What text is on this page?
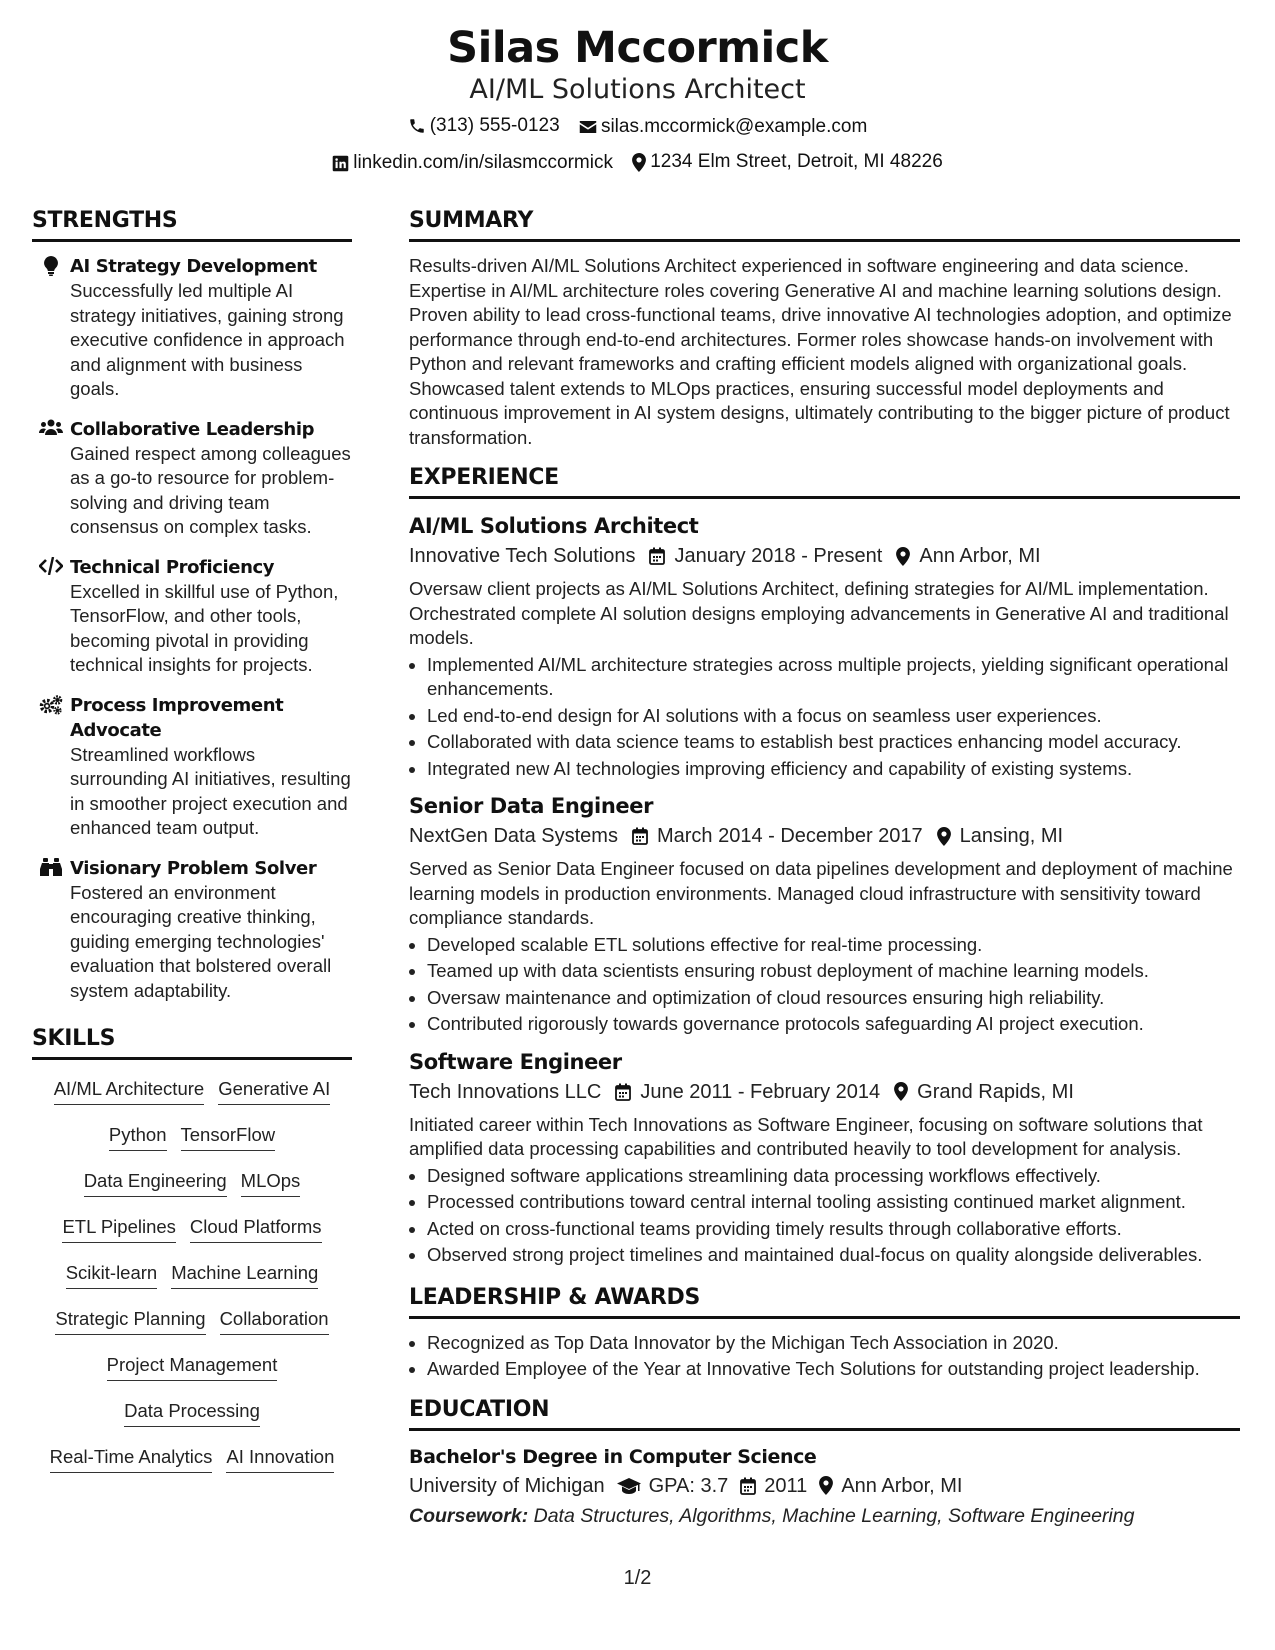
Silas Mccormick
AI/ML Solutions Architect
(313) 555-0123
silas.mccormick@example.com
linkedin.com/in/silasmccormick
1234 Elm Street, Detroit, MI 48226
STRENGTHS
AI Strategy Development
Successfully led multiple AI strategy initiatives, gaining strong executive confidence in approach and alignment with business goals.
Collaborative Leadership
Gained respect among colleagues as a go-to resource for problem-solving and driving team consensus on complex tasks.
Technical Proficiency
Excelled in skillful use of Python, TensorFlow, and other tools, becoming pivotal in providing technical insights for projects.
Process Improvement Advocate
Streamlined workflows surrounding AI initiatives, resulting in smoother project execution and enhanced team output.
Visionary Problem Solver
Fostered an environment encouraging creative thinking, guiding emerging technologies' evaluation that bolstered overall system adaptability.
SKILLS
AI/ML Architecture Generative AI
Python TensorFlow
Data Engineering MLOps
ETL Pipelines Cloud Platforms
Scikit-learn Machine Learning
Strategic Planning Collaboration
Project Management
Data Processing
Real-Time Analytics AI Innovation
SUMMARY
Results-driven AI/ML Solutions Architect experienced in software engineering and data science. Expertise in AI/ML architecture roles covering Generative AI and machine learning solutions design. Proven ability to lead cross-functional teams, drive innovative AI technologies adoption, and optimize performance through end-to-end architectures. Former roles showcase hands-on involvement with Python and relevant frameworks and crafting efficient models aligned with organizational goals. Showcased talent extends to MLOps practices, ensuring successful model deployments and continuous improvement in AI system designs, ultimately contributing to the bigger picture of product transformation.
EXPERIENCE
AI/ML Solutions Architect
Innovative Tech Solutions January 2018 - Present Ann Arbor, MI
Oversaw client projects as AI/ML Solutions Architect, defining strategies for AI/ML implementation. Orchestrated complete AI solution designs employing advancements in Generative AI and traditional models.
• Implemented AI/ML architecture strategies across multiple projects, yielding significant operational enhancements.
• Led end-to-end design for AI solutions with a focus on seamless user experiences.
• Collaborated with data science teams to establish best practices enhancing model accuracy.
• Integrated new AI technologies improving efficiency and capability of existing systems.
Senior Data Engineer
NextGen Data Systems March 2014 - December 2017 Lansing, MI
Served as Senior Data Engineer focused on data pipelines development and deployment of machine learning models in production environments. Managed cloud infrastructure with sensitivity toward compliance standards.
• Developed scalable ETL solutions effective for real-time processing.
• Teamed up with data scientists ensuring robust deployment of machine learning models.
• Oversaw maintenance and optimization of cloud resources ensuring high reliability.
• Contributed rigorously towards governance protocols safeguarding AI project execution.
Software Engineer
Tech Innovations LLC June 2011 - February 2014 Grand Rapids, MI
Initiated career within Tech Innovations as Software Engineer, focusing on software solutions that amplified data processing capabilities and contributed heavily to tool development for analysis.
• Designed software applications streamlining data processing workflows effectively.
• Processed contributions toward central internal tooling assisting continued market alignment.
• Acted on cross-functional teams providing timely results through collaborative efforts.
• Observed strong project timelines and maintained dual-focus on quality alongside deliverables.
LEADERSHIP & AWARDS
• Recognized as Top Data Innovator by the Michigan Tech Association in 2020.
• Awarded Employee of the Year at Innovative Tech Solutions for outstanding project leadership.
EDUCATION
Bachelor's Degree in Computer Science
University of Michigan GPA: 3.7 2011 Ann Arbor, MI
Coursework: Data Structures, Algorithms, Machine Learning, Software Engineering
1/2
